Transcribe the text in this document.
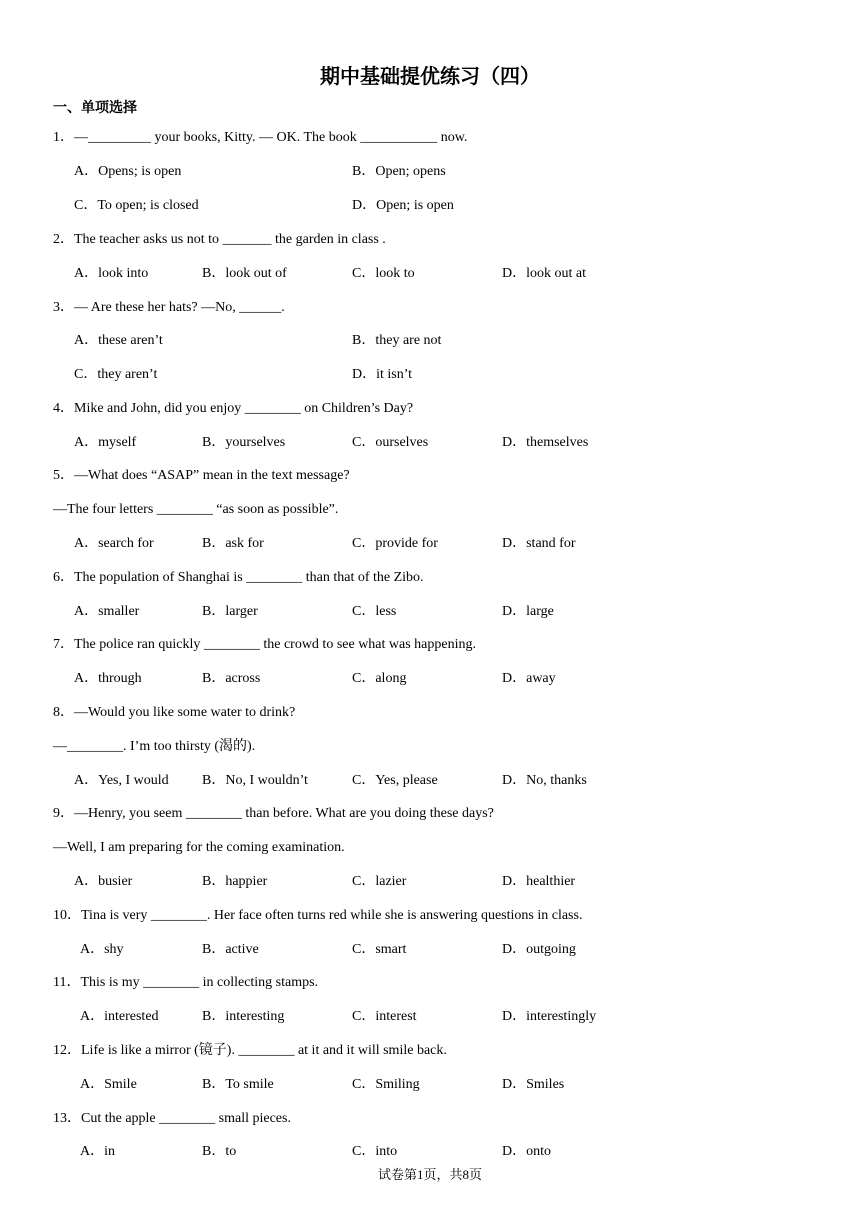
期中基础提优练习（四）
一、单项选择
1．—_________ your books, Kitty. — OK. The book ___________ now.
A．Opens; is open	B．Open; opens
C．To open; is closed	D．Open; is open
2．The teacher asks us not to _______ the garden in class .
A．look into	B．look out of	C．look to	D．look out at
3．— Are these her hats? —No, ______.
A．these aren’t	B．they are not
C．they aren’t	D．it isn’t
4．Mike and John, did you enjoy ________ on Children’s Day?
A．myself	B．yourselves	C．ourselves	D．themselves
5．—What does “ASAP” mean in the text message?
—The four letters ________ “as soon as possible”.
A．search for	B．ask for	C．provide for	D．stand for
6．The population of Shanghai is ________ than that of the Zibo.
A．smaller	B．larger	C．less	D．large
7．The police ran quickly ________ the crowd to see what was happening.
A．through	B．across	C．along	D．away
8．—Would you like some water to drink?
—________. I’m too thirsty (渴的).
A．Yes, I would B．No, I wouldn’t	C．Yes, please	D．No, thanks
9．—Henry, you seem ________ than before. What are you doing these days?
—Well, I am preparing for the coming examination.
A．busier	B．happier	C．lazier	D．healthier
10．Tina is very ________. Her face often turns red while she is answering questions in class.
A．shy	B．active	C．smart	D．outgoing
11．This is my ________ in collecting stamps.
A．interested	B．interesting	C．interest	D．interestingly
12．Life is like a mirror (镜子). ________ at it and it will smile back.
A．Smile	B．To smile	C．Smiling	D．Smiles
13．Cut the apple ________ small pieces.
A．in	B．to	C．into	D．onto
试卷第1页，共8页
